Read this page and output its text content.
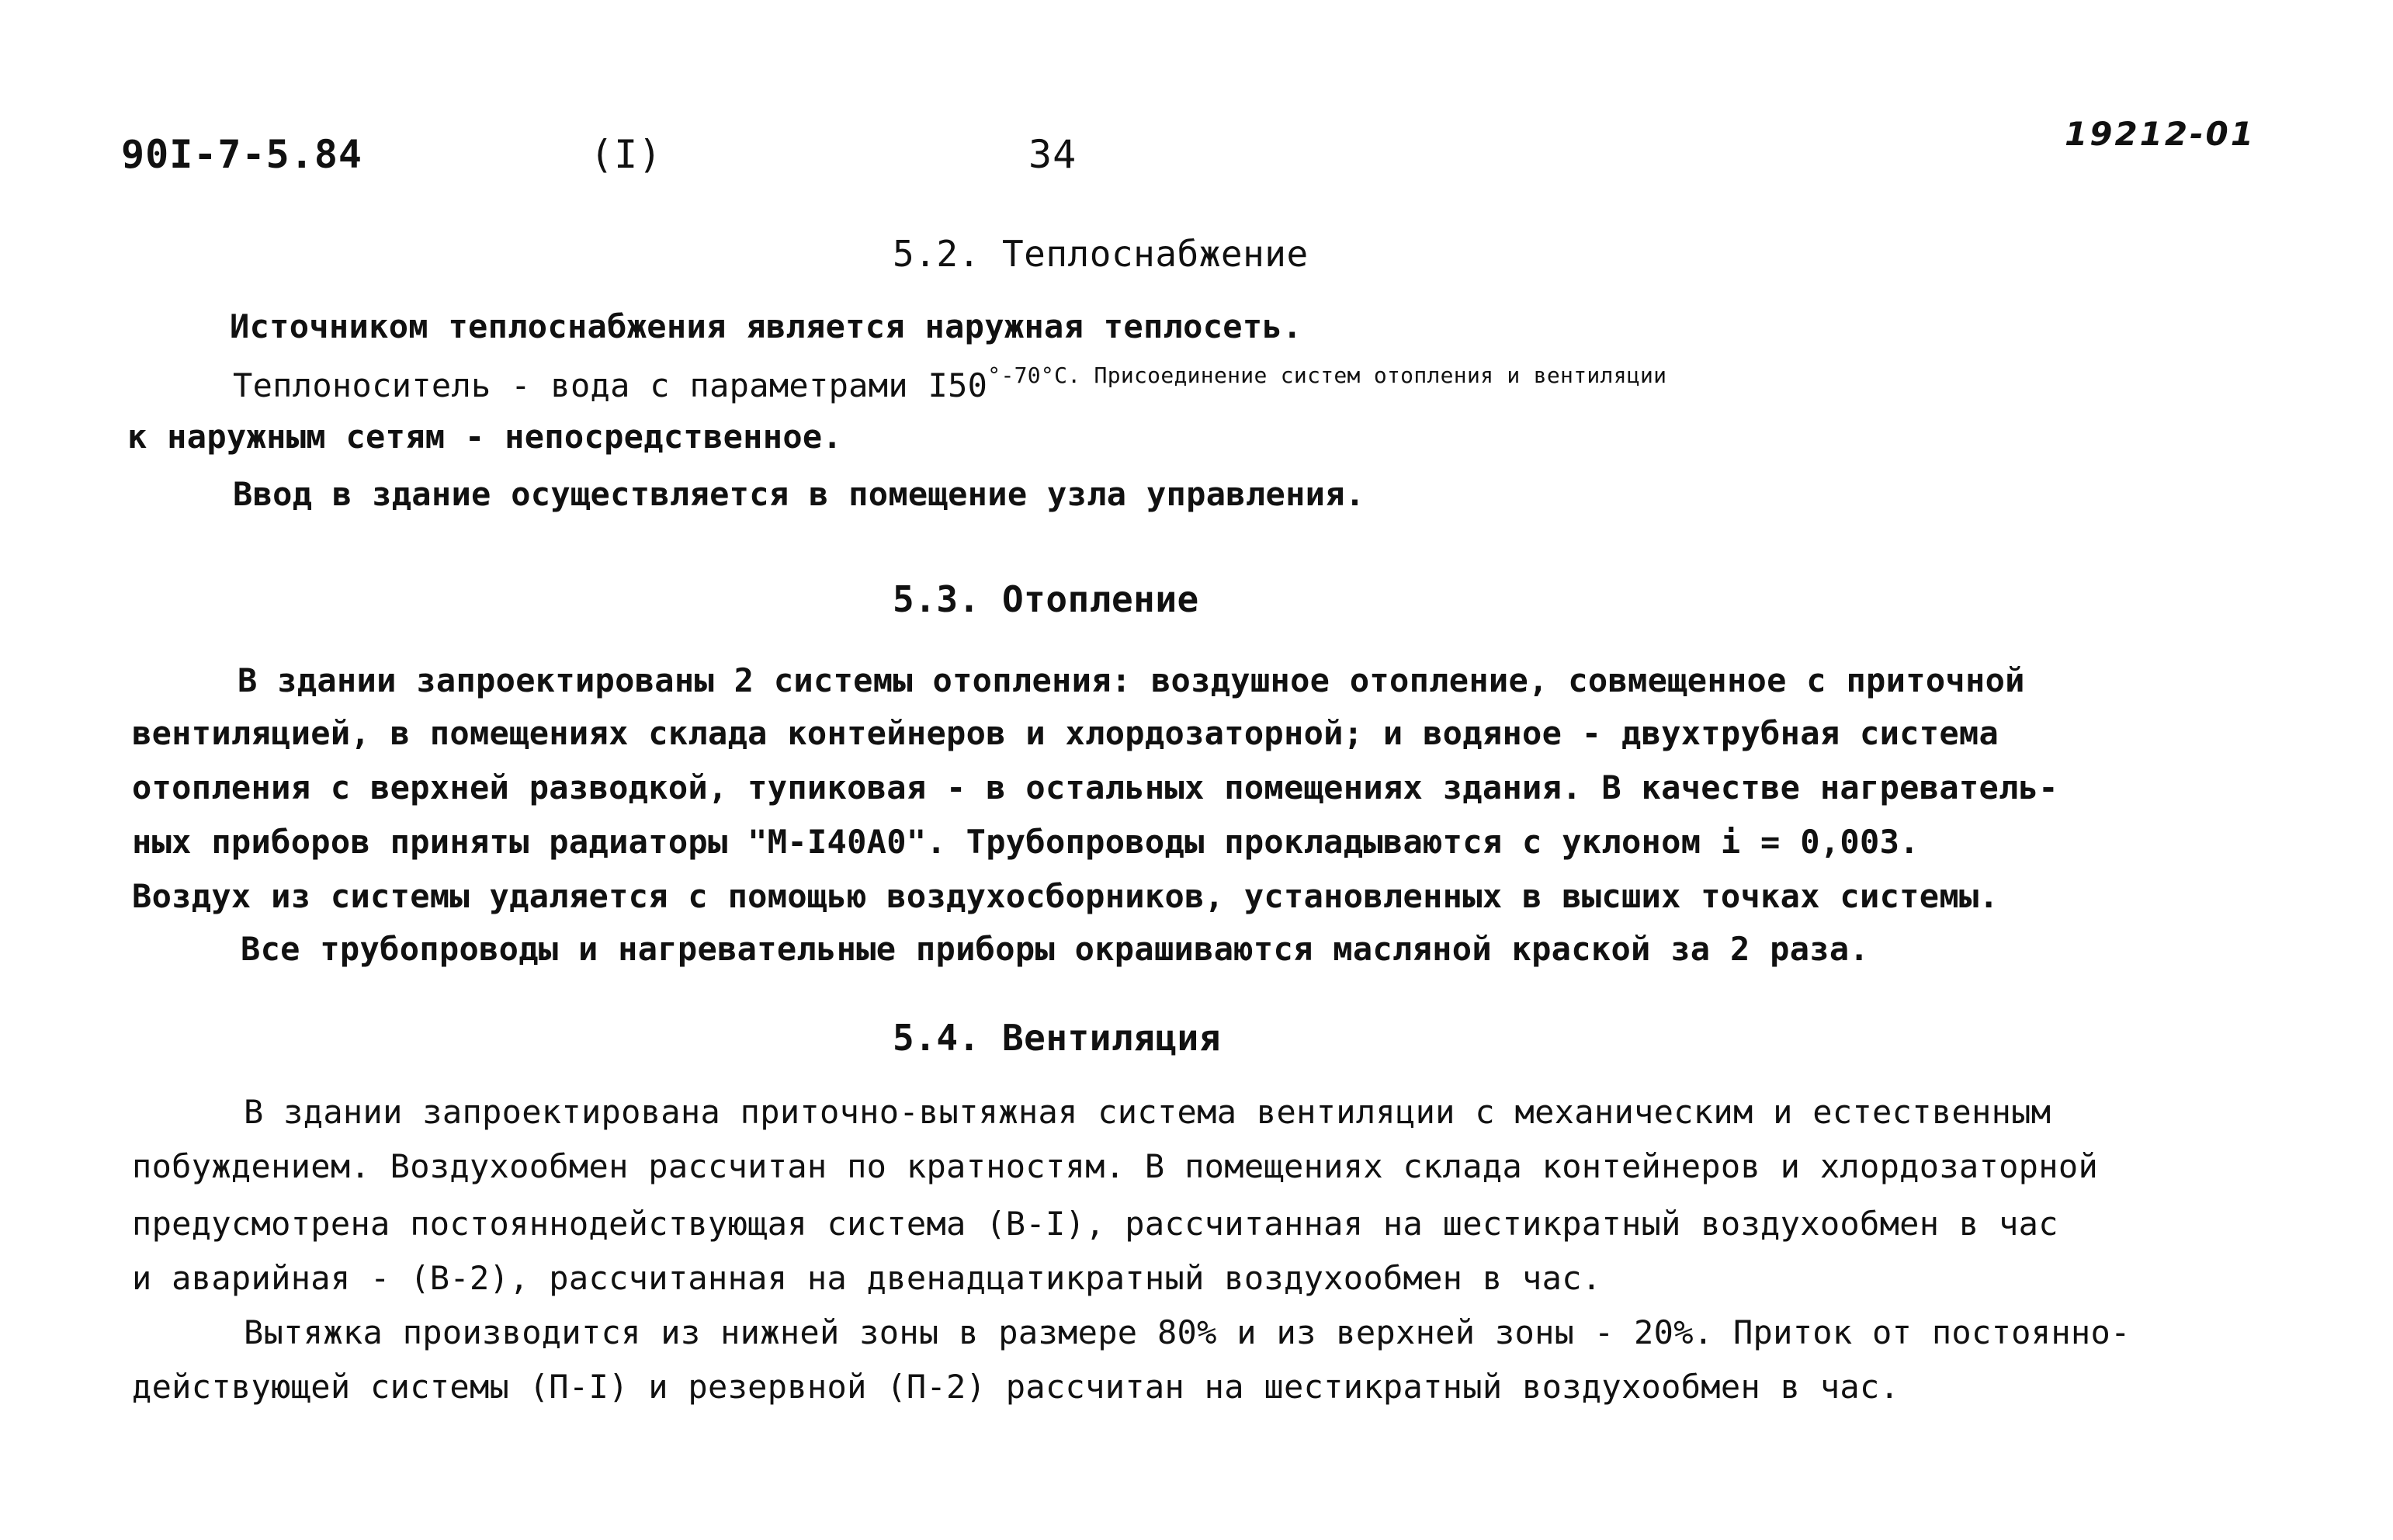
90I-7-5.84	(I)	34	19212-01
5.2. Теплоснабжение
Источником теплоснабжения является наружная теплосеть.
Теплоноситель - вода с параметрами $I50^{^\circ-70^\circ С. Присоединение систем отопления и вентиляции}$
к наружным сетям - непосредственное.
Ввод в здание осуществляется в помещение узла управления.
5.3. Отопление
В здании запроектированы 2 системы отопления: воздушное отопление, совмещенное с приточной
вентиляцией, в помещениях склада контейнеров и хлордозаторной; и водяное - двухтрубная система
отопления с верхней разводкой, тупиковая - в остальных помещениях здания. В качестве нагреватель-
ных приборов приняты радиаторы "М-I40А0". Трубопроводы прокладываются с уклоном i = 0,003.
Воздух из системы удаляется с помощью воздухосборников, установленных в высших точках системы.
Все трубопроводы и нагревательные приборы окрашиваются масляной краской за 2 раза.
5.4. Вентиляция
В здании запроектирована приточно-вытяжная система вентиляции с механическим и естественным
побуждением. Воздухообмен рассчитан по кратностям. В помещениях склада контейнеров и хлордозаторной
предусмотрена постояннодействующая система (В-I), рассчитанная на шестикратный воздухообмен в час
и аварийная - (В-2), рассчитанная на двенадцатикратный воздухообмен в час.
Вытяжка производится из нижней зоны в размере 80% и из верхней зоны - 20%. Приток от постоянно-
действующей системы (П-I) и резервной (П-2) рассчитан на шестикратный воздухообмен в час.
